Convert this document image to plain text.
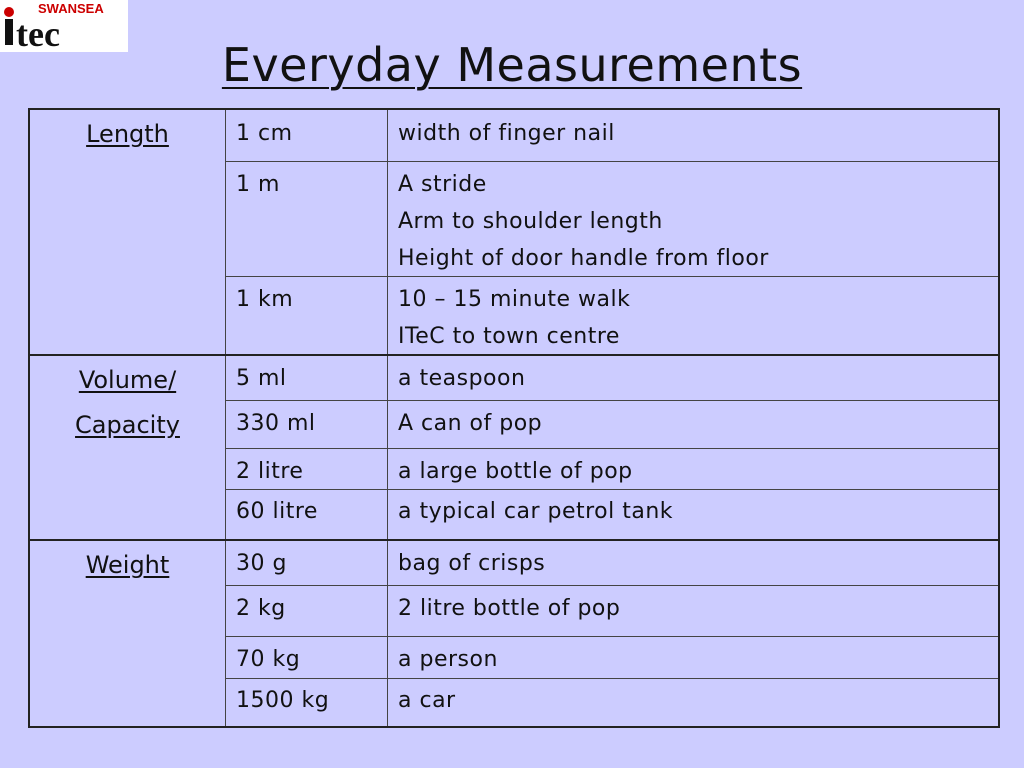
SWANSEA
tec
Everyday Measurements
Length	1 cm	width of finger nail
1 m	A stride
Arm to shoulder length
Height of door handle from floor
1 km	10 – 15 minute walk
ITeC to town centre
Volume/
Capacity
5 ml	a teaspoon
330 ml	A can of pop
2 litre	a large bottle of pop
60 litre	a typical car petrol tank
Weight	30 g	bag of crisps
2 kg	2 litre bottle of pop
70 kg	a person
1500 kg	a car
